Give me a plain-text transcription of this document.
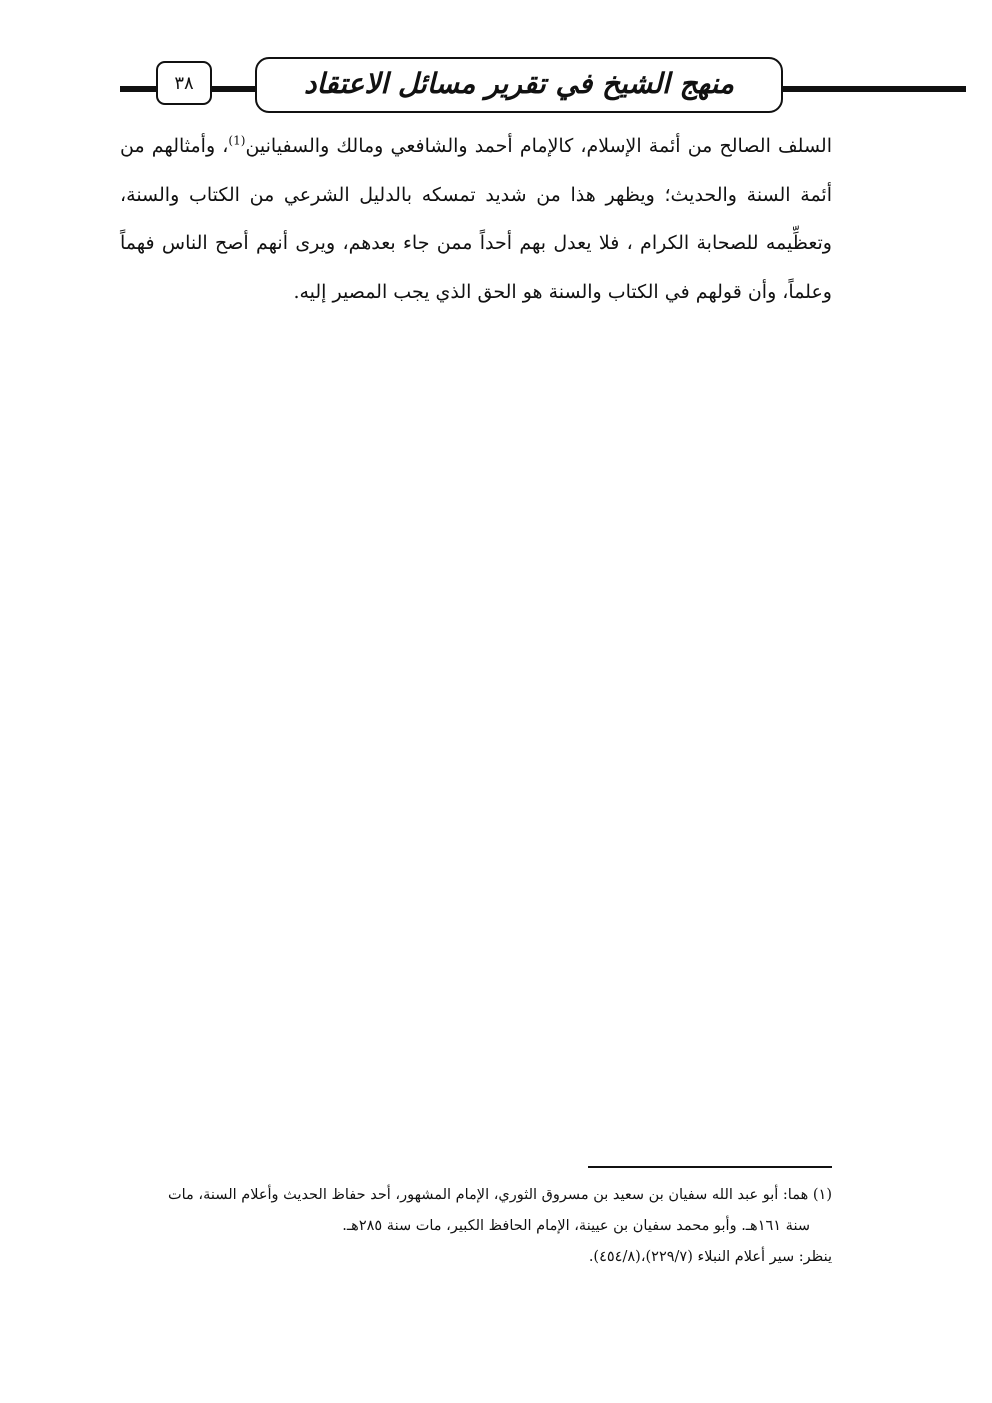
٣٨	منهج الشيخ في تقرير مسائل الاعتقاد

السلف الصالح من أئمة الإسلام، كالإمام أحمد والشافعي ومالك والسفيانين$^{(1)}$، وأمثالهم من أئمة السنة والحديث؛ ويظهر هذا من شديد تمسكه بالدليل الشرعي من الكتاب والسنة، وتعظِّيمه للصحابة الكرام ، فلا يعدل بهم أحداً ممن جاء بعدهم، ويرى أنهم أصح الناس فهماً وعلماً، وأن قولهم في الكتاب والسنة هو الحق الذي يجب المصير إليه.

(١) هما: أبو عبد الله سفيان بن سعيد بن مسروق الثوري، الإمام المشهور، أحد حفاظ الحديث وأعلام السنة، مات

سنة ١٦١هـ. وأبو محمد سفيان بن عيينة، الإمام الحافظ الكبير، مات سنة ٢٨٥هـ.

ينظر: سير أعلام النبلاء (٢٢٩/٧)،(٤٥٤/٨).
